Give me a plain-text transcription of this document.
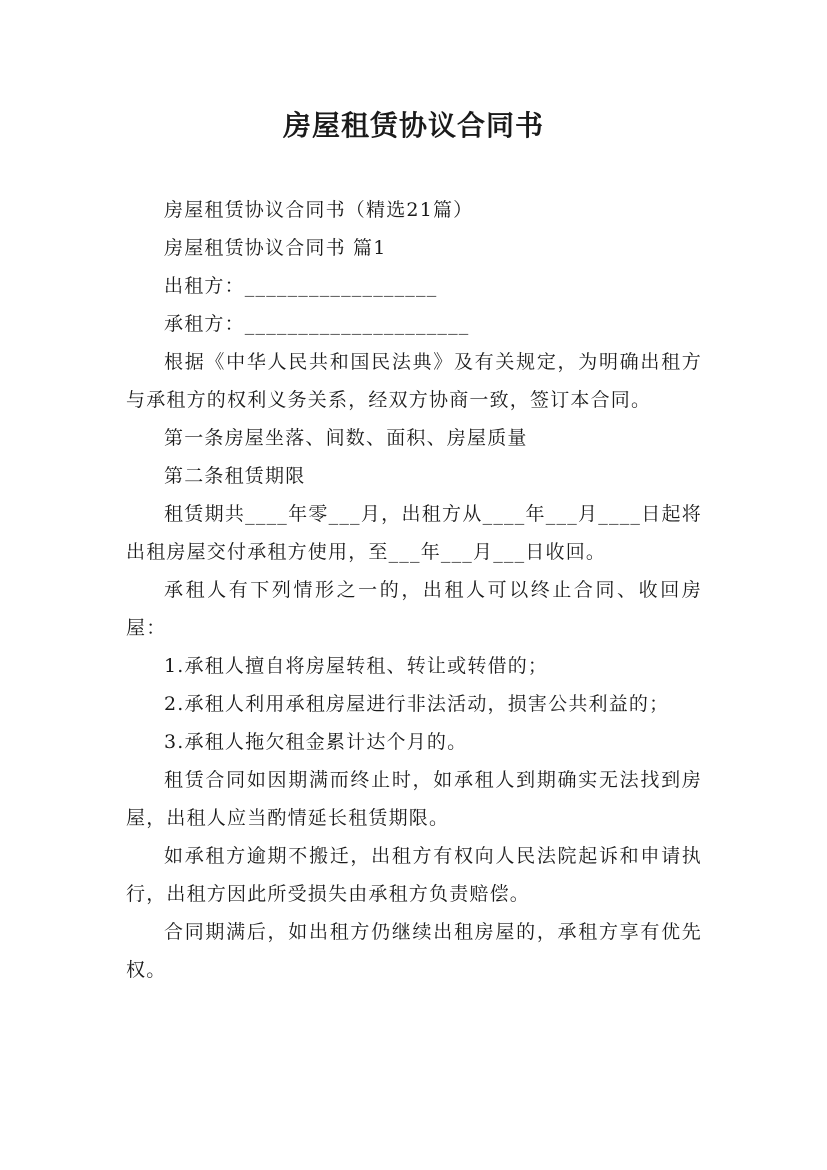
房屋租赁协议合同书

房屋租赁协议合同书（精选21篇）

房屋租赁协议合同书 篇1

出租方：__________________

承租方：_____________________

根据《中华人民共和国民法典》及有关规定，为明确出租方与承租方的权利义务关系，经双方协商一致，签订本合同。

第一条房屋坐落、间数、面积、房屋质量

第二条租赁期限

租赁期共____年零___月，出租方从____年___月____日起将出租房屋交付承租方使用，至___年___月___日收回。

承租人有下列情形之一的，出租人可以终止合同、收回房屋：

1.承租人擅自将房屋转租、转让或转借的；

2.承租人利用承租房屋进行非法活动，损害公共利益的；

3.承租人拖欠租金累计达个月的。

租赁合同如因期满而终止时，如承租人到期确实无法找到房屋，出租人应当酌情延长租赁期限。

如承租方逾期不搬迁，出租方有权向人民法院起诉和申请执行，出租方因此所受损失由承租方负责赔偿。

合同期满后，如出租方仍继续出租房屋的，承租方享有优先权。
